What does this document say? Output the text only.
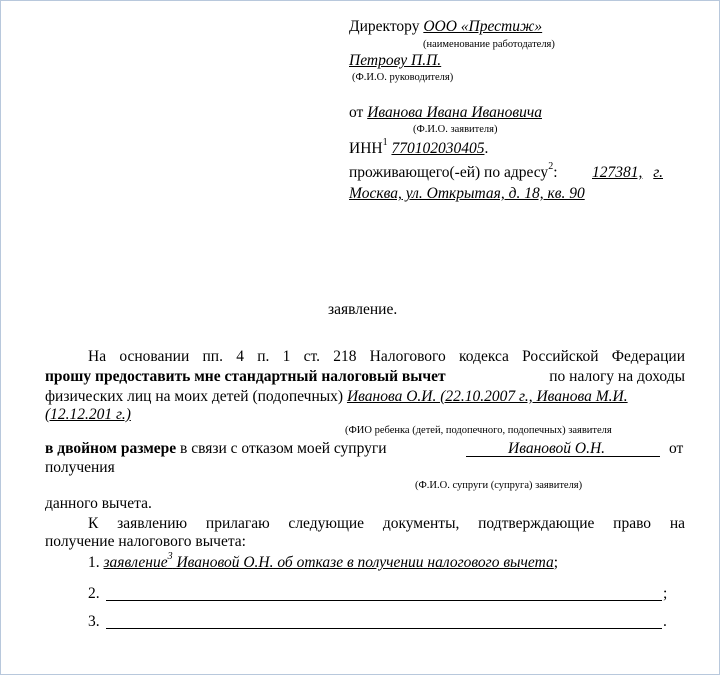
Директору ООО «Престиж»
(наименование работодателя)
Петрову П.П.
(Ф.И.О. руководителя)
от Иванова Ивана Ивановича
(Ф.И.О. заявителя)
ИНН$^1$ 770102030405.
проживающего(-ей) по адресу$^2$: 127381, г.
Москва, ул. Открытая, д. 18, кв. 90
заявление.
На основании пп. 4 п. 1 ст. 218 Налогового кодекса Российской Федерации
прошу предоставить мне стандартный налоговый вычет	по налогу на доходы
физических лиц на моих детей (подопечных) Иванова О.И. (22.10.2007 г., Иванова М.И.
(12.12.201 г.)
(ФИО ребенка (детей, подопечного, подопечных) заявителя
в двойном размере в связи с отказом моей супруги	Ивановой О.Н.	от
получения
(Ф.И.О. супруги (супруга) заявителя)
данного вычета.
К заявлению прилагаю следующие документы, подтверждающие право на
получение налогового вычета:
1. заявление$^3$ Ивановой О.Н. об отказе в получении налогового вычета;
2.	;
3.	.
